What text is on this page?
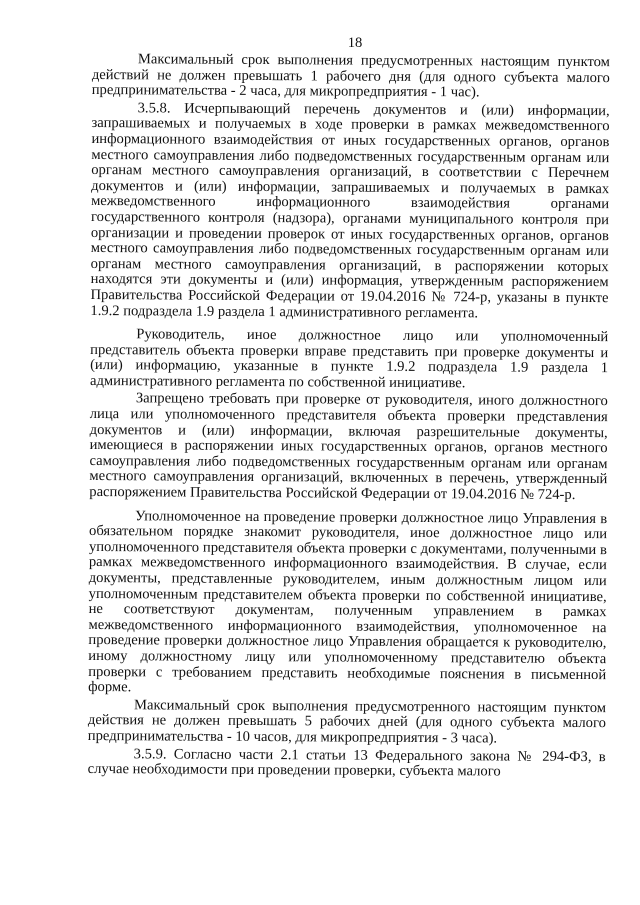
18

Максимальный срок выполнения предусмотренных настоящим пунктом действий не должен превышать 1 рабочего дня (для одного субъекта малого предпринимательства - 2 часа, для микропредприятия - 1 час).

3.5.8. Исчерпывающий перечень документов и (или) информации, запрашиваемых и получаемых в ходе проверки в рамках межведомственного информационного взаимодействия от иных государственных органов, органов местного самоуправления либо подведомственных государственным органам или органам местного самоуправления организаций, в соответствии с Перечнем документов и (или) информации, запрашиваемых и получаемых в рамках межведомственного информационного взаимодействия органами государственного контроля (надзора), органами муниципального контроля при организации и проведении проверок от иных государственных органов, органов местного самоуправления либо подведомственных государственным органам или органам местного самоуправления организаций, в распоряжении которых находятся эти документы и (или) информация, утвержденным распоряжением Правительства Российской Федерации от 19.04.2016 № 724-р, указаны в пункте 1.9.2 подраздела 1.9 раздела 1 административного регламента.

Руководитель, иное должностное лицо или уполномоченный представитель объекта проверки вправе представить при проверке документы и (или) информацию, указанные в пункте 1.9.2 подраздела 1.9 раздела 1 административного регламента по собственной инициативе.

Запрещено требовать при проверке от руководителя, иного должностного лица или уполномоченного представителя объекта проверки представления документов и (или) информации, включая разрешительные документы, имеющиеся в распоряжении иных государственных органов, органов местного самоуправления либо подведомственных государственным органам или органам местного самоуправления организаций, включенных в перечень, утвержденный распоряжением Правительства Российской Федерации от 19.04.2016 № 724-р.

Уполномоченное на проведение проверки должностное лицо Управления в обязательном порядке знакомит руководителя, иное должностное лицо или уполномоченного представителя объекта проверки с документами, полученными в рамках межведомственного информационного взаимодействия. В случае, если документы, представленные руководителем, иным должностным лицом или уполномоченным представителем объекта проверки по собственной инициативе, не соответствуют документам, полученным управлением в рамках межведомственного информационного взаимодействия, уполномоченное на проведение проверки должностное лицо Управления обращается к руководителю, иному должностному лицу или уполномоченному представителю объекта проверки с требованием представить необходимые пояснения в письменной форме.

Максимальный срок выполнения предусмотренного настоящим пунктом действия не должен превышать 5 рабочих дней (для одного субъекта малого предпринимательства - 10 часов, для микропредприятия - 3 часа).

3.5.9. Согласно части 2.1 статьи 13 Федерального закона № 294-ФЗ, в случае необходимости при проведении проверки, субъекта малого
